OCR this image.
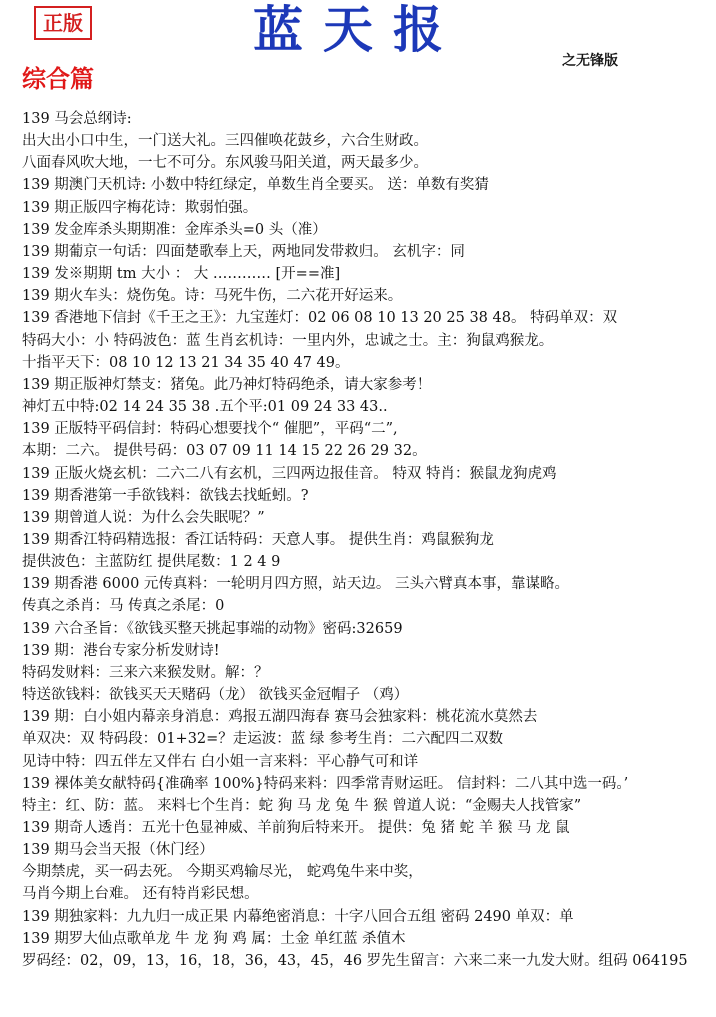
正版	蓝天报
之无锋版
综合篇
139 马会总纲诗:
出大出小口中生，一门送大礼。三四催唤花鼓乡，六合生财政。
八面春风吹大地，一七不可分。东风骏马阳关道，两天最多少。
139 期澳门天机诗: 小数中特红绿定，单数生肖全要买。 送：单数有奖猜
139 期正版四字梅花诗：欺弱怕强。
139 发金库杀头期期准：金库杀头=0 头（准）
139 期葡京一句话：四面楚歌奉上天，两地同发带救归。 玄机字：同
139 发※期期 tm 大小 ： 大 ………… [开==准]
139 期火车头：烧伤兔。诗：马死牛伤，二六花开好运来。
139 香港地下信封《千王之王》：九宝莲灯：02 06 08 10 13 20 25 38 48。 特码单双：双
特码大小：小 特码波色：蓝 生肖玄机诗：一里内外，忠诚之士。主：狗鼠鸡猴龙。
十指平天下：08 10 12 13 21 34 35 40 47 49。
139 期正版神灯禁支：猪兔。此乃神灯特码绝杀，请大家参考！
神灯五中特:02 14 24 35 38 .五个平:01 09 24 33 43..
139 正版特平码信封：特码心想要找个“ 催肥”，平码“二”,
本期：二六。 提供号码：03 07 09 11 14 15 22 26 29 32。
139 正版火烧玄机：二六二八有玄机，三四两边报佳音。 特双 特肖：猴鼠龙狗虎鸡
139 期香港第一手欲钱料：欲钱去找蚯蚓。?
139 期曾道人说：为什么会失眠呢？”
139 期香江特码精选报：香江话特码：天意人事。 提供生肖：鸡鼠猴狗龙
提供波色：主蓝防红 提供尾数：1 2 4 9
139 期香港 6000 元传真料：一轮明月四方照，站天边。 三头六臂真本事，靠谋略。
传真之杀肖：马 传真之杀尾：0
139 六合圣旨：《欲钱买整天挑起事端的动物》密码:32659
139 期：港台专家分析发财诗!
特码发财料：三来六来猴发财。解：？
特送欲钱料：欲钱买天天赌码（龙） 欲钱买金冠帽子 （鸡）
139 期：白小姐内幕亲身消息：鸡报五湖四海春 赛马会独家料：桃花流水莫然去
单双决：双 特码段：01+32=？走运波：蓝 绿 参考生肖：二六配四二双数
见诗中特：四五伴左又伴右 白小姐一言来料：平心静气可和详
139 裸体美女献特码{准确率 100%}特码来料：四季常青财运旺。 信封料：二八其中选一码。’
特主：红、防：蓝。 来料七个生肖：蛇 狗 马 龙 兔 牛 猴 曾道人说：“金赐夫人找管家”
139 期奇人透肖：五光十色显神威、羊前狗后特来开。 提供：兔 猪 蛇 羊 猴 马 龙 鼠
139 期马会当天报（休门经）
今期禁虎，买一码去死。 今期买鸡输尽光， 蛇鸡兔牛来中奖，
马肖今期上台难。 还有特肖彩民想。
139 期独家料：九九归一成正果 内幕绝密消息：十字八回合五组 密码 2490 单双：单
139 期罗大仙点歌单龙 牛 龙 狗 鸡 属：土金 单红蓝 杀值木
罗码经：02，09，13，16，18，36，43，45，46 罗先生留言：六来二来一九发大财。组码 064195
